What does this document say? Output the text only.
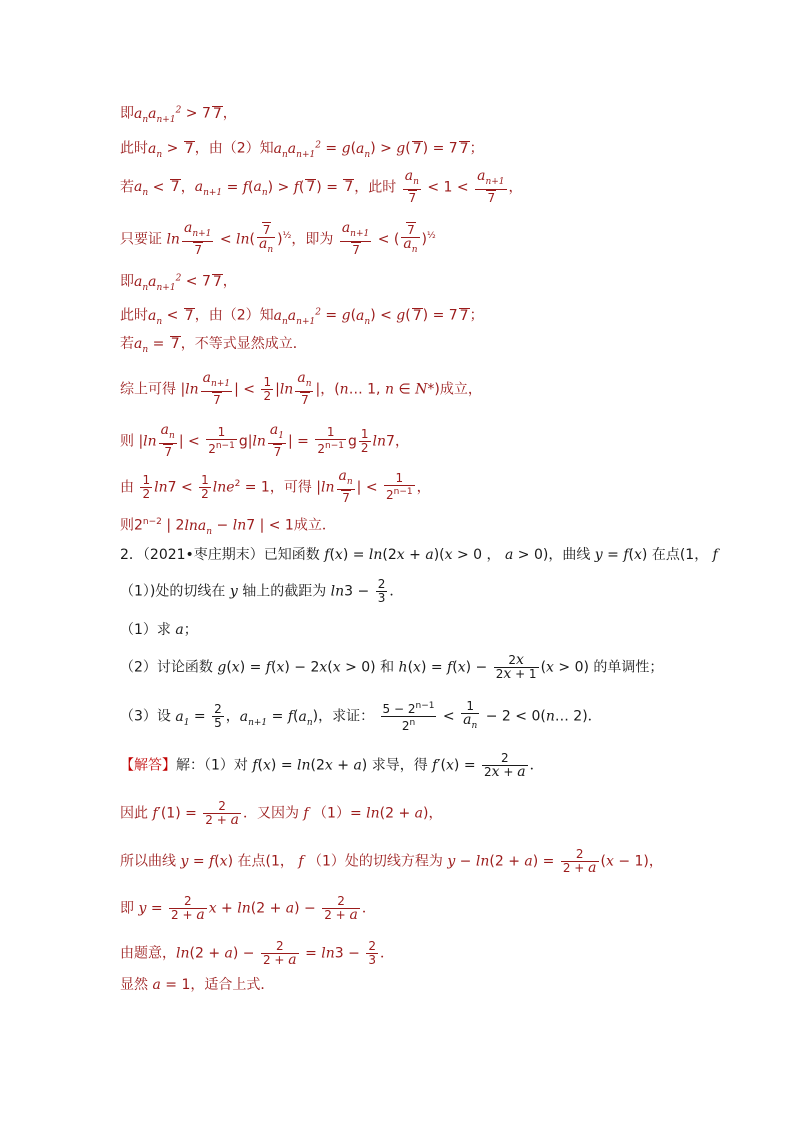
即$a_na_{n+1}^2 > 7$ 7，
此时$a_n > 7$，由（2）知$a_na_{n+1}^2 = g(a_n) > g$( 7) = 7 7；
若$a_n < 7$，$a_{n+1} = f(a_n) > f$( 7) = 7，此时 $\frac{a_n}{7} < 1 < \frac{a_{n+1}}{7}$ ，
只要证 $\ln \frac{a_{n+1}}{7} < \ln( \frac{7}{a_n} )^{\frac{1}{2}}$，即为 $\frac{a_{n+1}}{7}$ < ( $\frac{7}{a_n} )^{\frac{1}{2}}$
即$a_na_{n+1}^2 < 7$ 7，
此时$a_n < 7$，由（2）知$a_na_{n+1}^2 = g(a_n) < g$( 7) = 7 7；
若$a_n = 7$，不等式显然成立．
综上可得 $|\ln \frac{a_{n+1}}{7}$ | < $\frac{1}{2} |\ln \frac{a_n}{7}$ |，(n… 1, n ∈ N*)成立，
则 $|\ln \frac{a_n}{7}$ | < $\frac{1}{2^{n-1}} g|\ln \frac{a_1}{7}$ | = $\frac{1}{2^{n-1}}$ g $\frac{1}{2} \ln 7$，
由 $\frac{1}{2} \ln 7 < \frac{1}{2} \ln e^2 = 1$，可得 $|\ln \frac{a_n}{7}$ | < $\frac{1}{2^{n-1}}$ ，
则$2^{n-2}$ | 2lna$_n$ − ln7 | < 1成立．
2．（2021•枣庄期末）已知函数 f(x) = ln(2x + a)(x > 0 ， a > 0)，曲线 y = f(x) 在点(1， f
（1）)处的切线在 y 轴上的截距为 $\ln 3 - \frac{2}{3}$ ．
（1）求 a；
（2）讨论函数 g(x) = f(x) − 2x(x > 0) 和 $h(x) = f(x) - \frac{2x}{2x + 1} (x > 0)$ 的单调性；
（3）设 $a_1 = \frac{2}{5}$ ，$a_{n+1} = f(a_n)$，求证： $\frac{5 - 2^{n-1}}{2^n} < \frac{1}{a_n} - 2$ < 0(n… 2)．
【解答】解：（1）对 f(x) = ln(2x + a) 求导，得 $f'(x) = \frac{2}{2x + a}$ ．
因此 $f'(1) = \frac{2}{2 + a}$ ．又因为 f （1）= ln(2 + a)，
所以曲线 y = f(x) 在点(1， f （1）处的切线方程为 $y - \ln(2 + a) = \frac{2}{2 + a} (x - 1)$，
即 $y = \frac{2}{2 + a}$ $x + \ln(2 + a) - \frac{2}{2 + a}$ ．
由题意，$\ln(2 + a) - \frac{2}{2 + a} = \ln 3 - \frac{2}{3}$ ．
显然 a = 1，适合上式．
